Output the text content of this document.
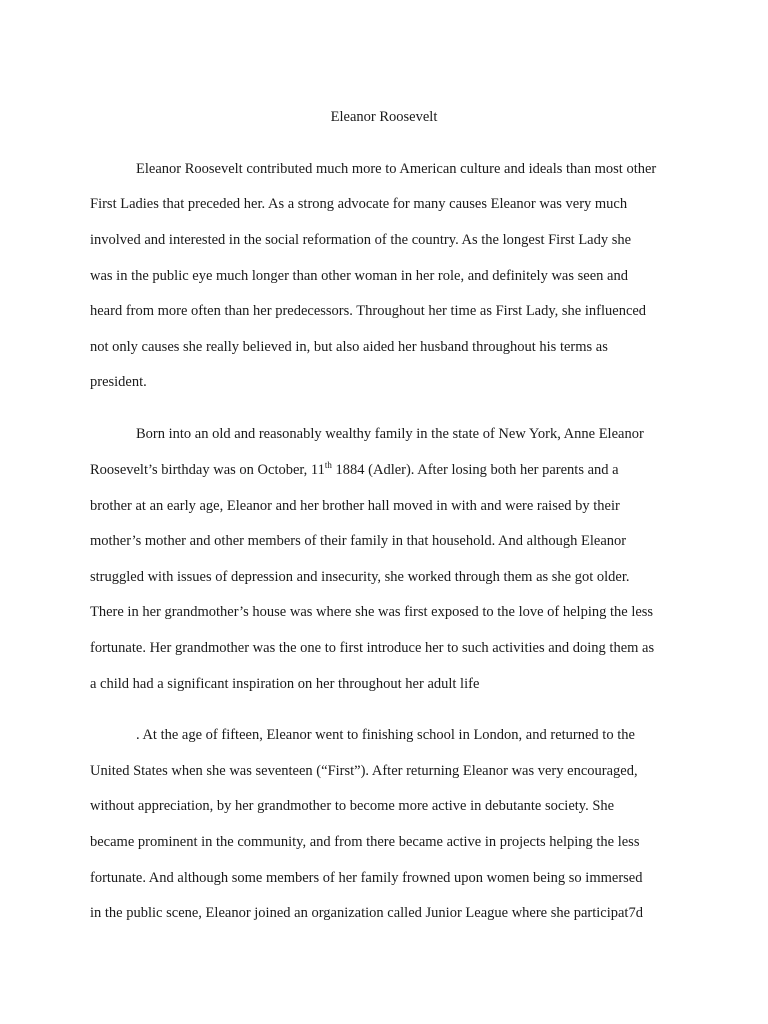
Eleanor Roosevelt
Eleanor Roosevelt contributed much more to American culture and ideals than most other
First Ladies that preceded her. As a strong advocate for many causes Eleanor was very much
involved and interested in the social reformation of the country. As the longest First Lady she
was in the public eye much longer than other woman in her role, and definitely was seen and
heard from more often than her predecessors. Throughout her time as First Lady, she influenced
not only causes she really believed in, but also aided her husband throughout his terms as
president.
Born into an old and reasonably wealthy family in the state of New York, Anne Eleanor
Roosevelt’s birthday was on October, 11th 1884 (Adler). After losing both her parents and a
brother at an early age, Eleanor and her brother hall moved in with and were raised by their
mother’s mother and other members of their family in that household. And although Eleanor
struggled with issues of depression and insecurity, she worked through them as she got older.
There in her grandmother’s house was where she was first exposed to the love of helping the less
fortunate. Her grandmother was the one to first introduce her to such activities and doing them as
a child had a significant inspiration on her throughout her adult life
. At the age of fifteen, Eleanor went to finishing school in London, and returned to the
United States when she was seventeen (“First”). After returning Eleanor was very encouraged,
without appreciation, by her grandmother to become more active in debutante society. She
became prominent in the community, and from there became active in projects helping the less
fortunate. And although some members of her family frowned upon women being so immersed
in the public scene, Eleanor joined an organization called Junior League where she participat7d
